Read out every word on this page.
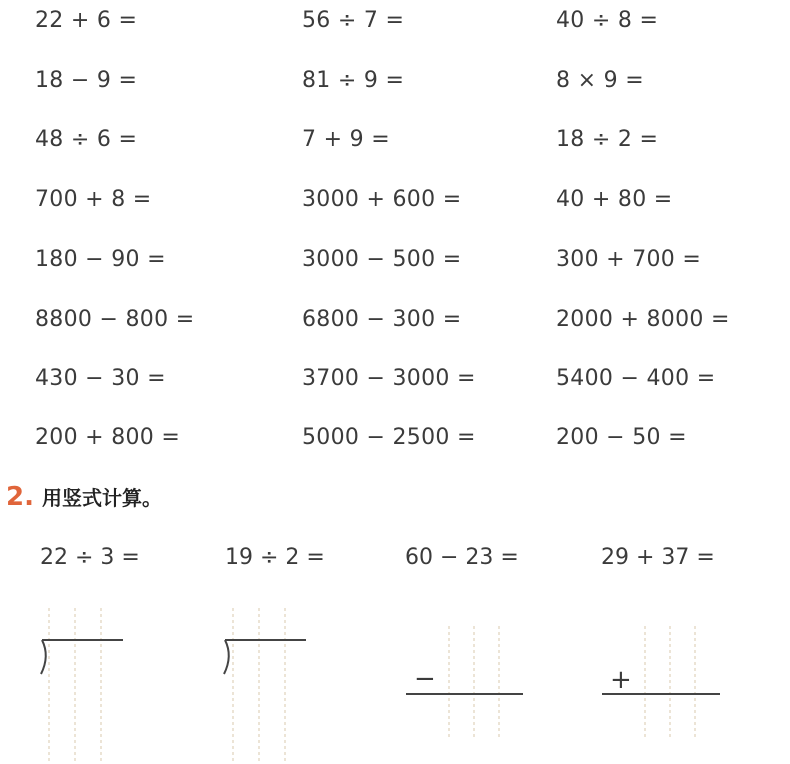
22 + 6 =	56 ÷ 7 =	40 ÷ 8 =
18 − 9 =	81 ÷ 9 =	8 × 9 =
48 ÷ 6 =	7 + 9 =	18 ÷ 2 =
700 + 8 =	3000 + 600 =	40 + 80 =
180 − 90 =	3000 − 500 =	300 + 700 =
8800 − 800 =	6800 − 300 =	2000 + 8000 =
430 − 30 =	3700 − 3000 =	5400 − 400 =
200 + 800 =	5000 − 2500 =	200 − 50 =
2. 用竖式计算。
22 ÷ 3 =	19 ÷ 2 =	60 − 23 =	29 + 37 =
−	+
